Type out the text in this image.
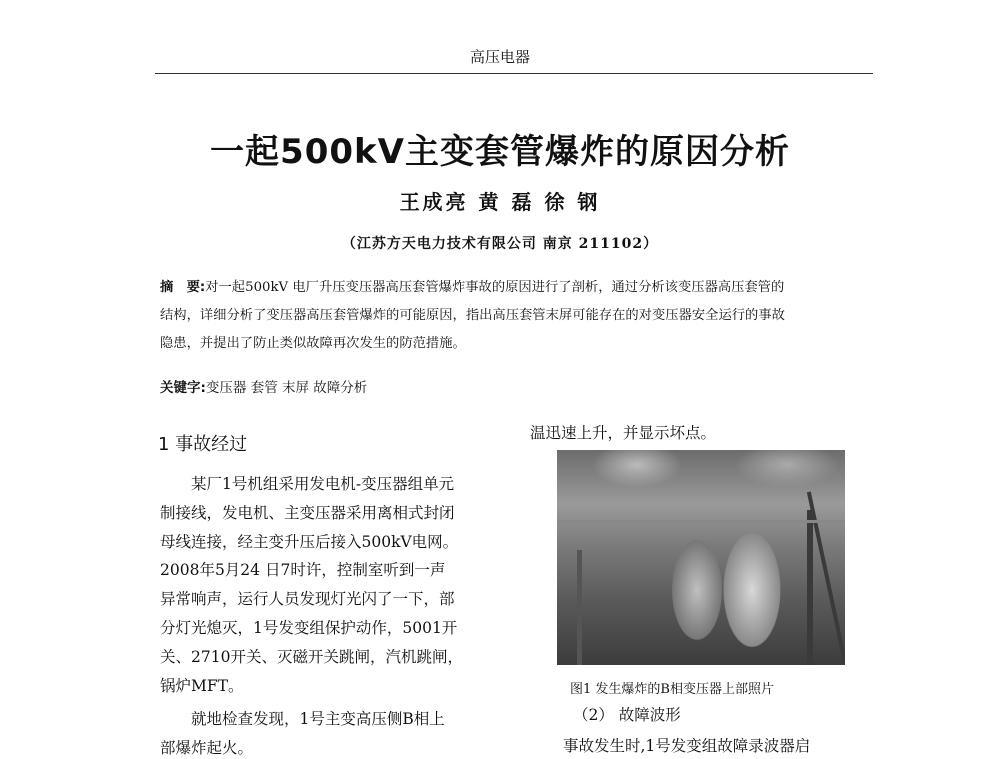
高压电器
一起500kV主变套管爆炸的原因分析
王成亮 黄 磊 徐 钢
（江苏方天电力技术有限公司 南京 211102）
摘　要:对一起500kV 电厂升压变压器高压套管爆炸事故的原因进行了剖析，通过分析该变压器高压套管的
结构，详细分析了变压器高压套管爆炸的可能原因，指出高压套管末屏可能存在的对变压器安全运行的事故
隐患，并提出了防止类似故障再次发生的防范措施。
关键字:变压器 套管 末屏 故障分析
1 事故经过
　　某厂1号机组采用发电机-变压器组单元
制接线，发电机、主变压器采用离相式封闭
母线连接，经主变升压后接入500kV电网。
2008年5月24 日7时许，控制室听到一声
异常响声，运行人员发现灯光闪了一下，部
分灯光熄灭，1号发变组保护动作，5001开
关、2710开关、灭磁开关跳闸，汽机跳闸，
锅炉MFT。
　　就地检查发现，1号主变高压侧B相上
部爆炸起火。
温迅速上升，并显示坏点。
图1 发生爆炸的B相变压器上部照片
（2） 故障波形
事故发生时,1号发变组故障录波器启
